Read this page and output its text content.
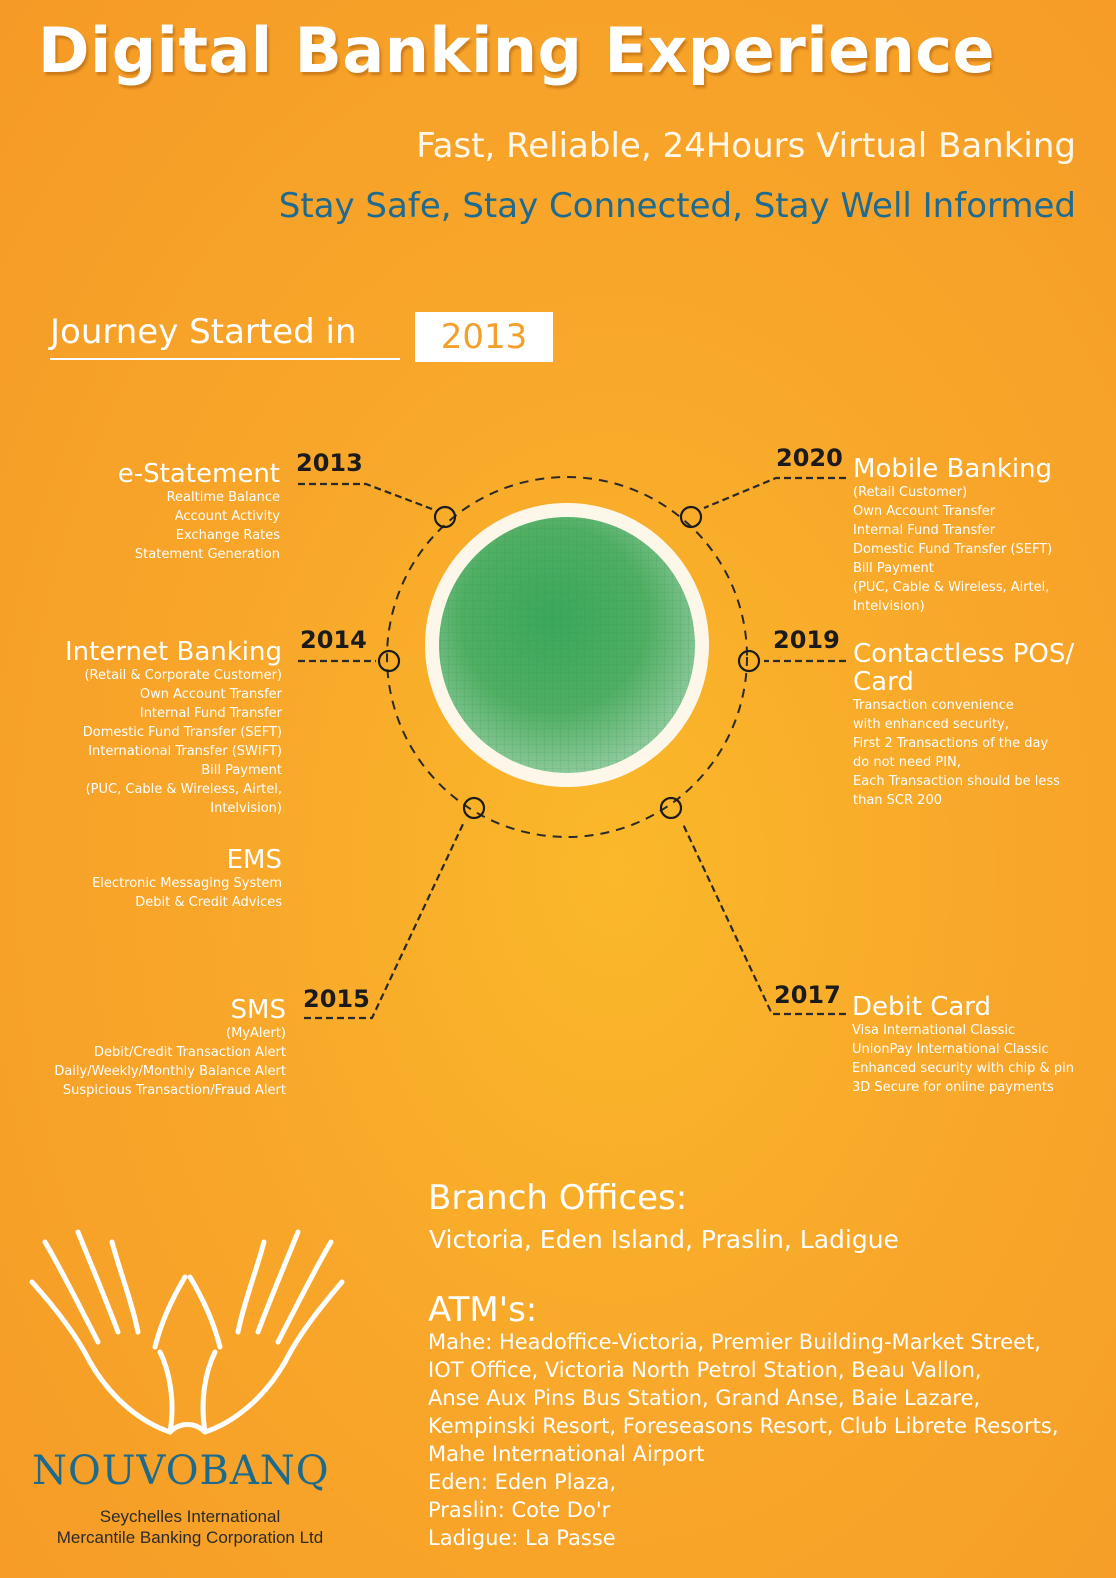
Digital Banking Experience
Fast, Reliable, 24Hours Virtual Banking
Stay Safe, Stay Connected, Stay Well Informed
Journey Started in	2013
2013
2014
2015
2020
2019
2017
e-Statement
Realtime Balance
Account Activity
Exchange Rates
Statement Generation
Internet Banking
(Retail & Corporate Customer)
Own Account Transfer
Internal Fund Transfer
Domestic Fund Transfer (SEFT)
International Transfer (SWIFT)
Bill Payment
(PUC, Cable & Wireless, Airtel,
Intelvision)
EMS
Electronic Messaging System
Debit & Credit Advices
SMS
(MyAlert)
Debit/Credit Transaction Alert
Daily/Weekly/Monthly Balance Alert
Suspicious Transaction/Fraud Alert
Mobile Banking
(Retail Customer)
Own Account Transfer
Internal Fund Transfer
Domestic Fund Transfer (SEFT)
Bill Payment
(PUC, Cable & Wireless, Airtel,
Intelvision)
Contactless POS/
Card
Transaction convenience
with enhanced security,
First 2 Transactions of the day
do not need PIN,
Each Transaction should be less
than SCR 200
Debit Card
Visa International Classic
UnionPay International Classic
Enhanced security with chip & pin
3D Secure for online payments
Branch Offices:
Victoria, Eden Island, Praslin, Ladigue
ATM's:
Mahe: Headoffice-Victoria, Premier Building-Market Street,
IOT Office, Victoria North Petrol Station, Beau Vallon,
Anse Aux Pins Bus Station, Grand Anse, Baie Lazare,
Kempinski Resort, Foreseasons Resort, Club Librete Resorts,
Mahe International Airport
Eden: Eden Plaza,
Praslin: Cote Do'r
Ladigue: La Passe
NOUVOBANQ
Seychelles International
Mercantile Banking Corporation Ltd
